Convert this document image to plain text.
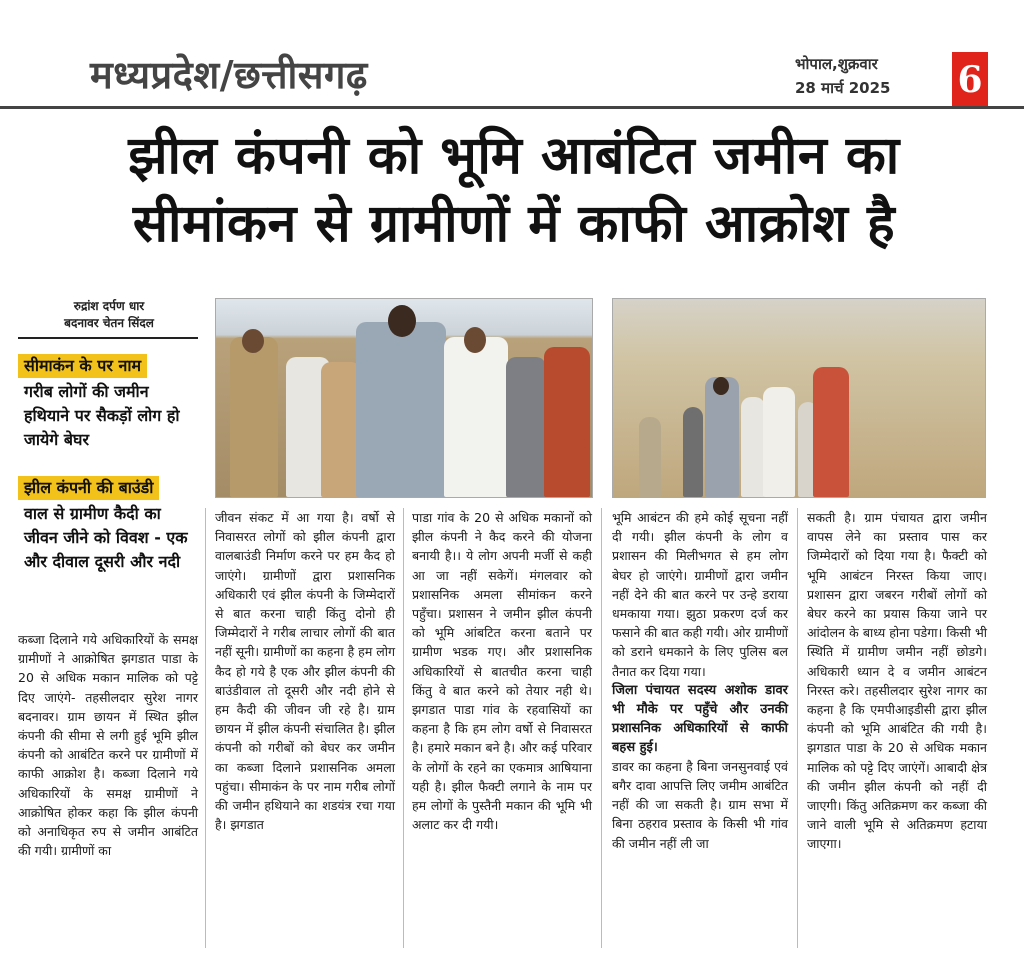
मध्यप्रदेश/छत्तीसगढ़	भोपाल,शुक्रवार
28 मार्च 2025 6
झील कंपनी को भूमि आबंटित जमीन का
सीमांकन से ग्रामीणों में काफी आक्रोश है
रुद्रांश दर्पण धार
बदनावर चेतन सिंदल
सीमाकंन के पर नाम
गरीब लोगों की जमीन हथियाने पर सैकड़ों लोग हो जायेगे बेघर
झील कंपनी की बाउंडी
वाल से ग्रामीण कैदी का जीवन जीने को विवश - एक और दीवाल दूसरी और नदी

कब्जा दिलाने गये अधिकारियों के समक्ष ग्रामीणों ने आक्रोषित झगडात पाडा के 20 से अधिक मकान मालिक को पट्टे दिए जाएंगे- तहसीलदार सुरेश नागर बदनावर। ग्राम छायन में स्थित झील कंपनी की सीमा से लगी हुई भूमि झील कंपनी को आबंटित करने पर ग्रामीणों में काफी आक्रोश है। कब्जा दिलाने गये अधिकारियों के समक्ष ग्रामीणों ने आक्रोषित होकर कहा कि झील कंपनी को अनाधिकृत रुप से जमीन आबंटित की गयी। ग्रामीणों का

जीवन संकट में आ गया है। वर्षो से निवासरत लोगों को झील कंपनी द्वारा वालबाउंडी निर्माण करने पर हम कैद हो जाएंगे। ग्रामीणों द्वारा प्रशासनिक अधिकारी एवं झील कंपनी के जिम्मेदारों से बात करना चाही किंतु दोनो ही जिम्मेदारों ने गरीब लाचार लोगों की बात नहीं सूनी। ग्रामीणों का कहना है हम लोग कैद हो गये है एक और झील कंपनी की बाउंडीवाल तो दूसरी और नदी होने से हम कैदी की जीवन जी रहे है। ग्राम छायन में झील कंपनी संचालित है। झील कंपनी को गरीबों को बेघर कर जमीन का कब्जा दिलाने प्रशासनिक अमला पहुंचा। सीमाकंन के पर नाम गरीब लोगों की जमीन हथियाने का शडयंत्र रचा गया है। झगडात

पाडा गांव के 20 से अधिक मकानों को झील कंपनी ने कैद करने की योजना बनायी है।। ये लोग अपनी मर्जी से कही आ जा नहीं सकेगें। मंगलवार को प्रशासनिक अमला सीमांकन करने पहुँचा। प्रशासन ने जमीन झील कंपनी को भूमि आंबटित करना बताने पर ग्रामीण भडक गए। और प्रशासनिक अधिकारियों से बातचीत करना चाही किंतु वे बात करने को तेयार नही थे। झगडात पाडा गांव के रहवासियों का कहना है कि हम लोग वर्षो से निवासरत है। हमारे मकान बने है। और कई परिवार के लोगों के रहने का एकमात्र आषियाना यही है। झील फैक्टी लगाने के नाम पर हम लोगों के पुस्तैनी मकान की भूमि भी अलाट कर दी गयी।

भूमि आबंटन की हमे कोई सूचना नहीं दी गयी। झील कंपनी के लोग व प्रशासन की मिलीभगत से हम लोग बेघर हो जाएंगे। ग्रामीणों द्वारा जमीन नहीं देने की बात करने पर उन्हे डराया धमकाया गया। झुठा प्रकरण दर्ज कर फसाने की बात कही गयी। ओर ग्रामीणों को डराने धमकाने के लिए पुलिस बल तैनात कर दिया गया।

जिला पंचायत सदस्य अशोक डावर भी मौके पर पहुँचे और उनकी प्रशासनिक अधिकारियों से काफी बहस हुई।

डावर का कहना है बिना जनसुनवाई एवं बगैर दावा आपत्ति लिए जमीम आबंटित नहीं की जा सकती है। ग्राम सभा में बिना ठहराव प्रस्ताव के किसी भी गांव की जमीन नहीं ली जा

सकती है। ग्राम पंचायत द्वारा जमीन वापस लेने का प्रस्ताव पास कर जिम्मेदारों को दिया गया है। फैक्टी को भूमि आबंटन निरस्त किया जाए। प्रशासन द्वारा जबरन गरीबों लोगों को बेघर करने का प्रयास किया जाने पर आंदोलन के बाध्य होना पडेगा। किसी भी स्थिति में ग्रामीण जमीन नहीं छोडगे। अधिकारी ध्यान दे व जमीन आबंटन निरस्त करे। तहसीलदार सुरेश नागर का कहना है कि एमपीआइडीसी द्वारा झील कंपनी को भूमि आबंटित की गयी है। झगडात पाडा के 20 से अधिक मकान मालिक को पट्टे दिए जाएंगें। आबादी क्षेत्र की जमीन झील कंपनी को नहीं दी जाएगी। किंतु अतिक्रमण कर कब्जा की जाने वाली भूमि से अतिक्रमण हटाया जाएगा।
